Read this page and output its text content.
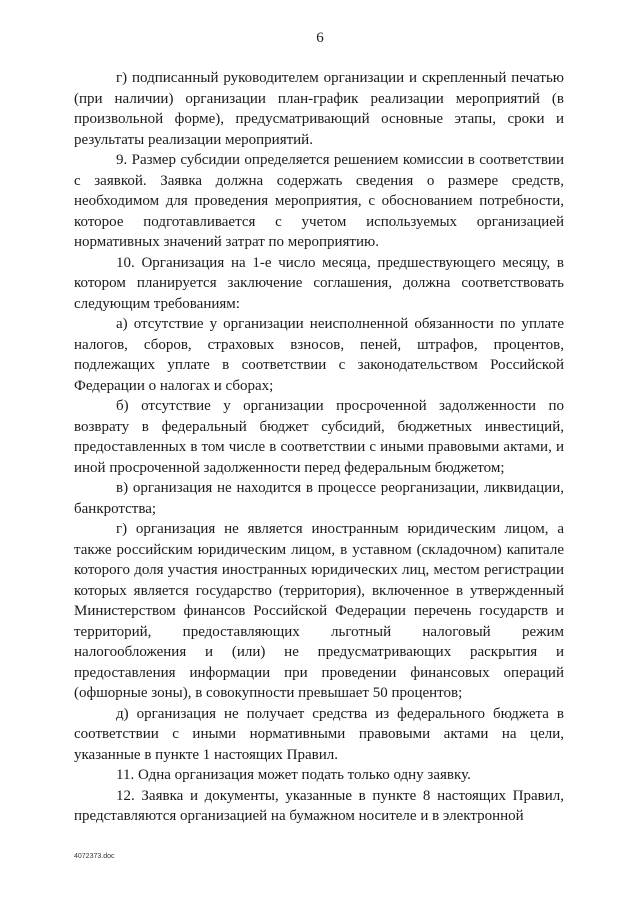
6

г) подписанный руководителем организации и скрепленный печатью (при наличии) организации план-график реализации мероприятий (в произвольной форме), предусматривающий основные этапы, сроки и результаты реализации мероприятий.

9. Размер субсидии определяется решением комиссии в соответствии с заявкой. Заявка должна содержать сведения о размере средств, необходимом для проведения мероприятия, с обоснованием потребности, которое подготавливается с учетом используемых организацией нормативных значений затрат по мероприятию.

10. Организация на 1-е число месяца, предшествующего месяцу, в котором планируется заключение соглашения, должна соответствовать следующим требованиям:

а) отсутствие у организации неисполненной обязанности по уплате налогов, сборов, страховых взносов, пеней, штрафов, процентов, подлежащих уплате в соответствии с законодательством Российской Федерации о налогах и сборах;

б) отсутствие у организации просроченной задолженности по возврату в федеральный бюджет субсидий, бюджетных инвестиций, предоставленных в том числе в соответствии с иными правовыми актами, и иной просроченной задолженности перед федеральным бюджетом;

в) организация не находится в процессе реорганизации, ликвидации, банкротства;

г) организация не является иностранным юридическим лицом, а также российским юридическим лицом, в уставном (складочном) капитале которого доля участия иностранных юридических лиц, местом регистрации которых является государство (территория), включенное в утвержденный Министерством финансов Российской Федерации перечень государств и территорий, предоставляющих льготный налоговый режим налогообложения и (или) не предусматривающих раскрытия и предоставления информации при проведении финансовых операций (офшорные зоны), в совокупности превышает 50 процентов;

д) организация не получает средства из федерального бюджета в соответствии с иными нормативными правовыми актами на цели, указанные в пункте 1 настоящих Правил.

11. Одна организация может подать только одну заявку.

12. Заявка и документы, указанные в пункте 8 настоящих Правил, представляются организацией на бумажном носителе и в электронной

4072373.doc
